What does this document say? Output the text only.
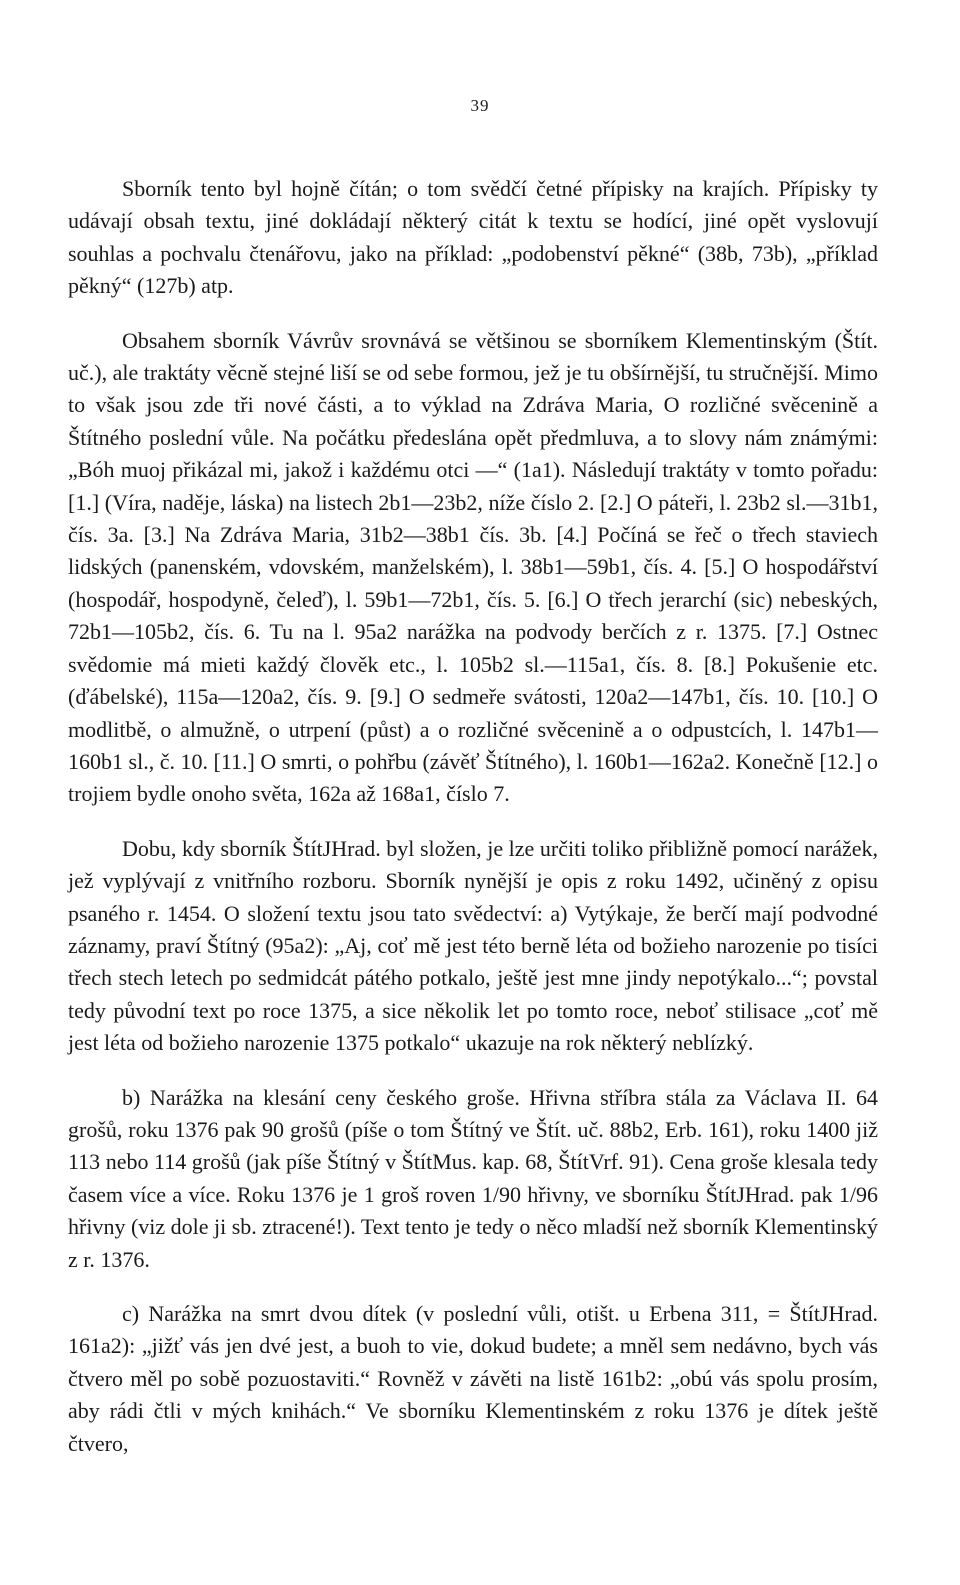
39

Sborník tento byl hojně čítán; o tom svědčí četné přípisky na krajích. Přípisky ty udávají obsah textu, jiné dokládají některý citát k textu se hodící, jiné opět vyslovují souhlas a pochvalu čtenářovu, jako na příklad: „podobenství pěkné“ (38b, 73b), „příklad pěkný“ (127b) atp.

Obsahem sborník Vávrův srovnává se většinou se sborníkem Klementinským (Štít. uč.), ale traktáty věcně stejné liší se od sebe formou, jež je tu obšírnější, tu stručnější. Mimo to však jsou zde tři nové části, a to výklad na Zdráva Maria, O rozličné svěcenině a Štítného poslední vůle. Na počátku předeslána opět předmluva, a to slovy nám známými: „Bóh muoj přikázal mi, jakož i každému otci —“ (1a1). Následují traktáty v tomto pořadu: [1.] (Víra, naděje, láska) na listech 2b1—23b2, níže číslo 2. [2.] O páteři, l. 23b2 sl.—31b1, čís. 3a. [3.] Na Zdráva Maria, 31b2—38b1 čís. 3b. [4.] Počíná se řeč o třech staviech lidských (panenském, vdovském, manželském), l. 38b1—59b1, čís. 4. [5.] O hospodářství (hospodář, hospodyně, čeleď), l. 59b1—72b1, čís. 5. [6.] O třech jerarchí (sic) nebeských, 72b1—105b2, čís. 6. Tu na l. 95a2 narážka na podvody berčích z r. 1375. [7.] Ostnec svědomie má mieti každý člověk etc., l. 105b2 sl.—115a1, čís. 8. [8.] Pokušenie etc. (ďábelské), 115a—120a2, čís. 9. [9.] O sedmeře svátosti, 120a2—147b1, čís. 10. [10.] O modlitbě, o almužně, o utrpení (půst) a o rozličné svěcenině a o odpustcích, l. 147b1—160b1 sl., č. 10. [11.] O smrti, o pohřbu (závěť Štítného), l. 160b1—162a2. Konečně [12.] o trojiem bydle onoho světa, 162a až 168a1, číslo 7.

Dobu, kdy sborník ŠtítJHrad. byl složen, je lze určiti toliko přibližně pomocí narážek, jež vyplývají z vnitřního rozboru. Sborník nynější je opis z roku 1492, učiněný z opisu psaného r. 1454. O složení textu jsou tato svědectví: a) Vytýkaje, že berčí mají podvodné záznamy, praví Štítný (95a2): „Aj, coť mě jest této berně léta od božieho narozenie po tisíci třech stech letech po sedmidcát pátého potkalo, ještě jest mne jindy nepotýkalo...“; povstal tedy původní text po roce 1375, a sice několik let po tomto roce, neboť stilisace „coť mě jest léta od božieho narozenie 1375 potkalo“ ukazuje na rok některý neblízký.

b) Narážka na klesání ceny českého groše. Hřivna stříbra stála za Václava II. 64 grošů, roku 1376 pak 90 grošů (píše o tom Štítný ve Štít. uč. 88b2, Erb. 161), roku 1400 již 113 nebo 114 grošů (jak píše Štítný v ŠtítMus. kap. 68, ŠtítVrf. 91). Cena groše klesala tedy časem více a více. Roku 1376 je 1 groš roven 1/90 hřivny, ve sborníku ŠtítJHrad. pak 1/96 hřivny (viz dole ji sb. ztracené!). Text tento je tedy o něco mladší než sborník Klementinský z r. 1376.

c) Narážka na smrt dvou dítek (v poslední vůli, otišt. u Erbena 311, = ŠtítJHrad. 161a2): „jižť vás jen dvé jest, a buoh to vie, dokud budete; a mněl sem nedávno, bych vás čtvero měl po sobě pozuostaviti.“ Rovněž v závěti na listě 161b2: „obú vás spolu prosím, aby rádi čtli v mých knihách.“ Ve sborníku Klementinském z roku 1376 je dítek ještě čtvero,
